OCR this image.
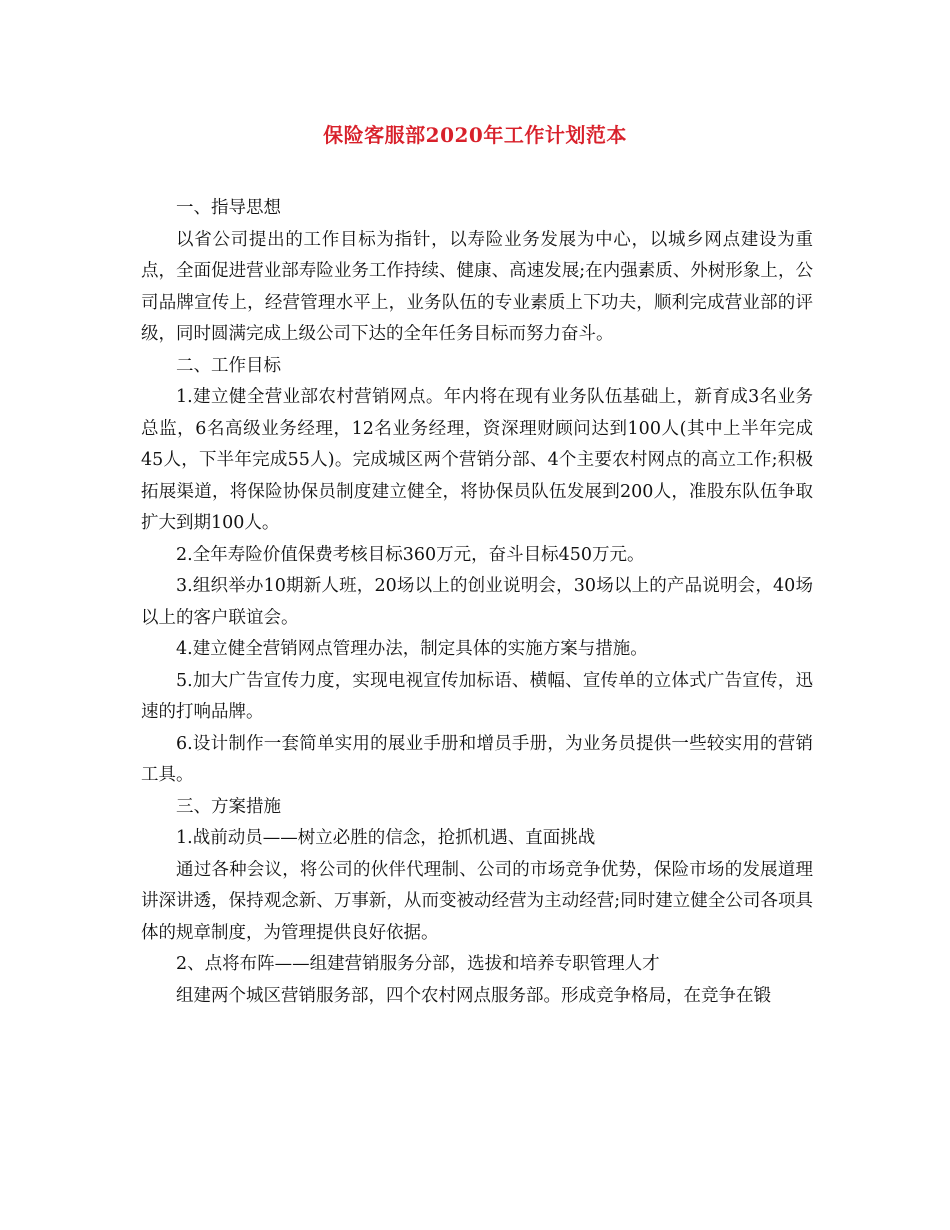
保险客服部2020年工作计划范本

一、指导思想

以省公司提出的工作目标为指针，以寿险业务发展为中心，以城乡网点建设为重点，全面促进营业部寿险业务工作持续、健康、高速发展;在内强素质、外树形象上，公司品牌宣传上，经营管理水平上，业务队伍的专业素质上下功夫，顺利完成营业部的评级，同时圆满完成上级公司下达的全年任务目标而努力奋斗。

二、工作目标

1.建立健全营业部农村营销网点。年内将在现有业务队伍基础上，新育成3名业务总监，6名高级业务经理，12名业务经理，资深理财顾问达到100人(其中上半年完成45人，下半年完成55人)。完成城区两个营销分部、4个主要农村网点的高立工作;积极拓展渠道，将保险协保员制度建立健全，将协保员队伍发展到200人，准股东队伍争取扩大到期100人。

2.全年寿险价值保费考核目标360万元，奋斗目标450万元。

3.组织举办10期新人班，20场以上的创业说明会，30场以上的产品说明会，40场以上的客户联谊会。

4.建立健全营销网点管理办法，制定具体的实施方案与措施。

5.加大广告宣传力度，实现电视宣传加标语、横幅、宣传单的立体式广告宣传，迅速的打响品牌。

6.设计制作一套简单实用的展业手册和增员手册，为业务员提供一些较实用的营销工具。

三、方案措施

1.战前动员——树立必胜的信念，抢抓机遇、直面挑战

通过各种会议，将公司的伙伴代理制、公司的市场竞争优势，保险市场的发展道理讲深讲透，保持观念新、万事新，从而变被动经营为主动经营;同时建立健全公司各项具体的规章制度，为管理提供良好依据。

2、点将布阵——组建营销服务分部，选拔和培养专职管理人才

组建两个城区营销服务部，四个农村网点服务部。形成竞争格局，在竞争在锻
